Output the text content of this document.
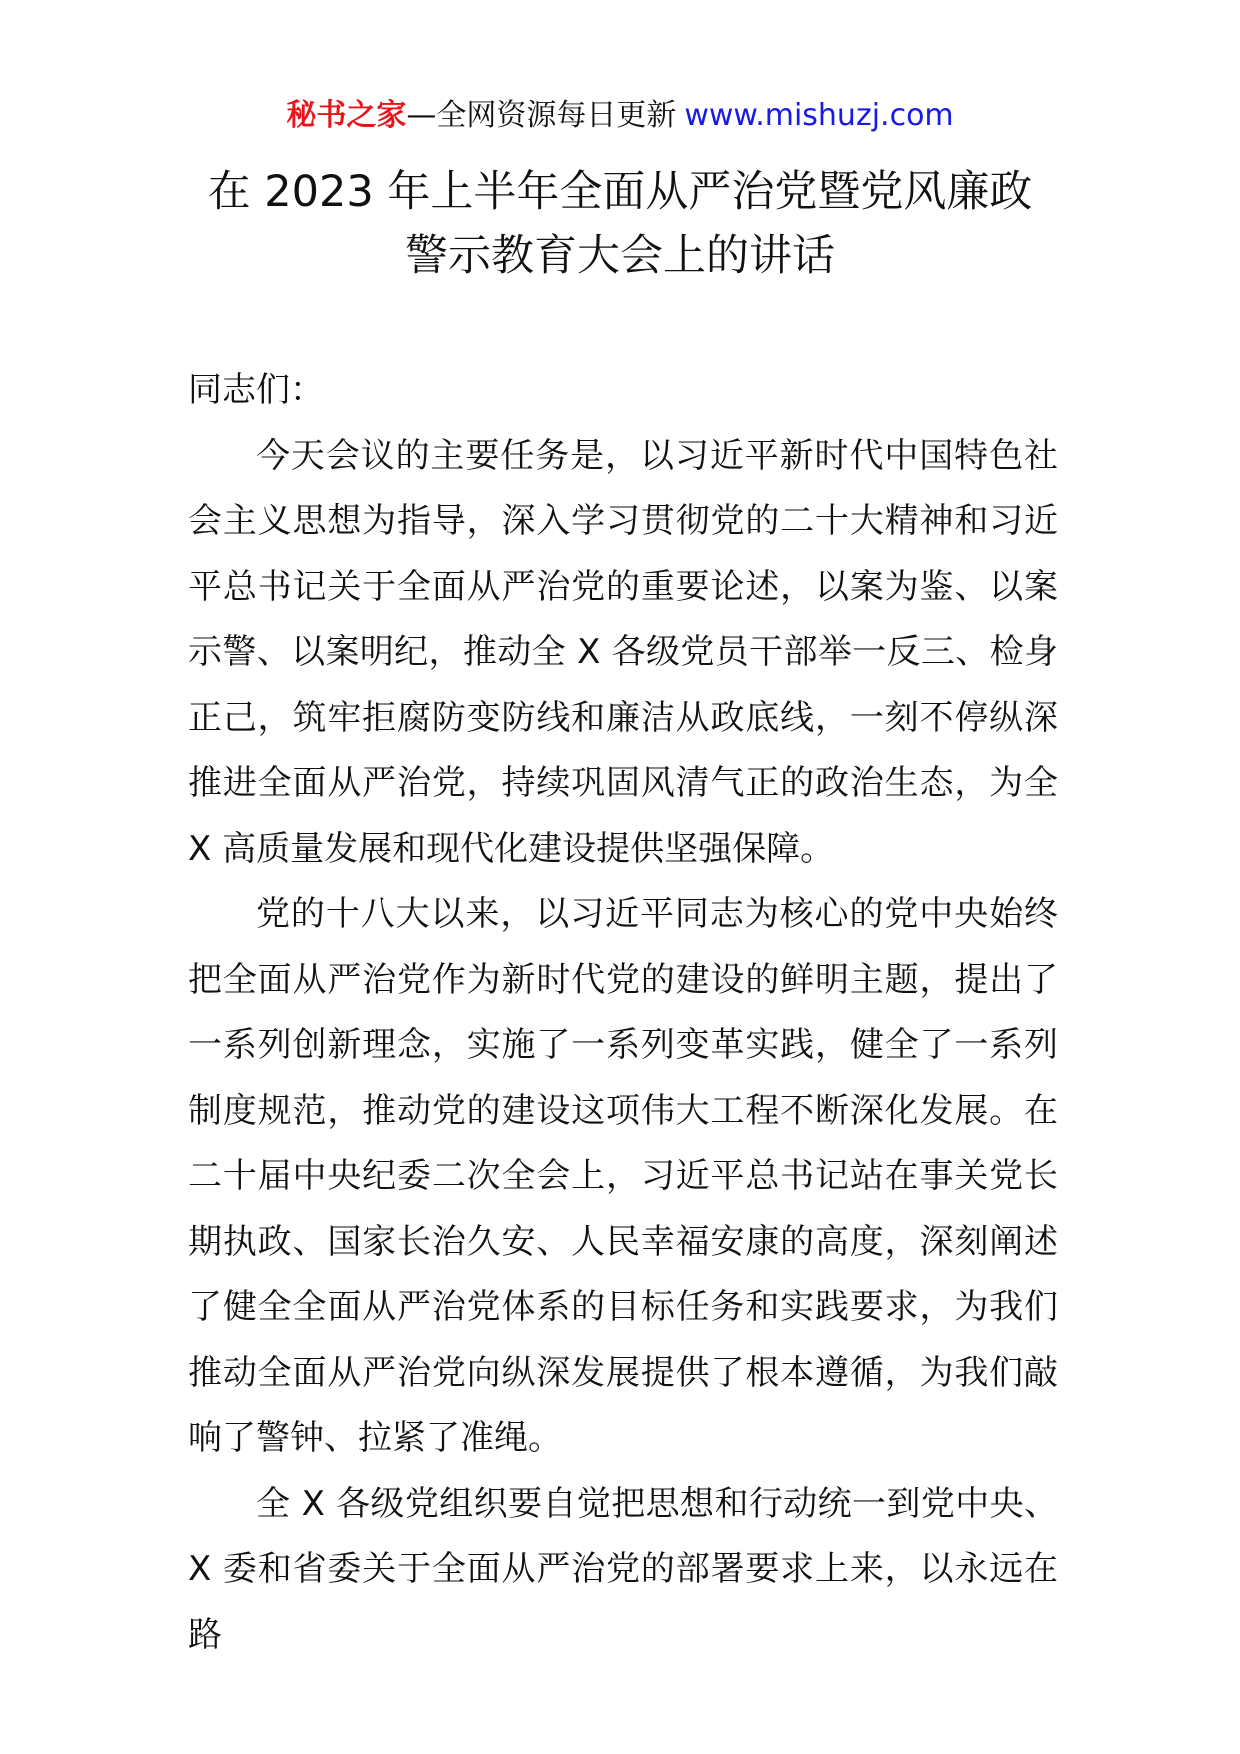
秘书之家—全网资源每日更新 www.mishuzj.com
在 2023 年上半年全面从严治党暨党风廉政
警示教育大会上的讲话

同志们：

今天会议的主要任务是，以习近平新时代中国特色社会主义思想为指导，深入学习贯彻党的二十大精神和习近平总书记关于全面从严治党的重要论述，以案为鉴、以案示警、以案明纪，推动全 X 各级党员干部举一反三、检身正己，筑牢拒腐防变防线和廉洁从政底线，一刻不停纵深推进全面从严治党，持续巩固风清气正的政治生态，为全 X 高质量发展和现代化建设提供坚强保障。

党的十八大以来，以习近平同志为核心的党中央始终把全面从严治党作为新时代党的建设的鲜明主题，提出了一系列创新理念，实施了一系列变革实践，健全了一系列制度规范，推动党的建设这项伟大工程不断深化发展。在二十届中央纪委二次全会上，习近平总书记站在事关党长期执政、国家长治久安、人民幸福安康的高度，深刻阐述了健全全面从严治党体系的目标任务和实践要求，为我们推动全面从严治党向纵深发展提供了根本遵循，为我们敲响了警钟、拉紧了准绳。

全 X 各级党组织要自觉把思想和行动统一到党中央、X 委和省委关于全面从严治党的部署要求上来，以永远在路
